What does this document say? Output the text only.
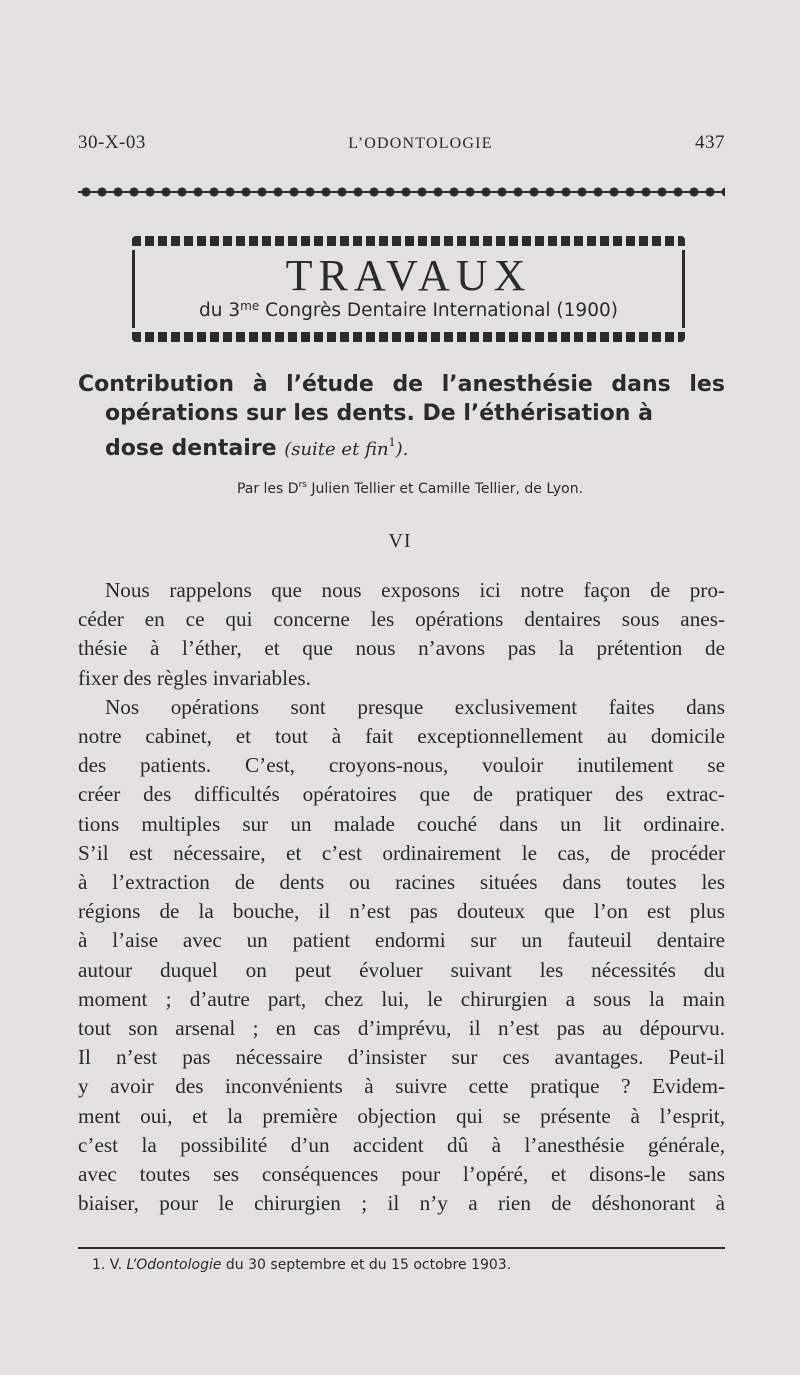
30-X-03	L’ODONTOLOGIE	437
TRAVAUX
du $3^{me}$ Congrès Dentaire International (1900)
Contribution à l’étude de l’anesthésie dans les
opérations sur les dents. De l’éthérisation à
dose dentaire (suite et fin$^1$).
Par les $D^{rs}$ Julien Tellier et Camille Tellier, de Lyon.
VI
Nous rappelons que nous exposons ici notre façon de pro-
céder en ce qui concerne les opérations dentaires sous anes-
thésie à l’éther, et que nous n’avons pas la prétention de
fixer des règles invariables.
Nos opérations sont presque exclusivement faites dans
notre cabinet, et tout à fait exceptionnellement au domicile
des patients. C’est, croyons-nous, vouloir inutilement se
créer des difficultés opératoires que de pratiquer des extrac-
tions multiples sur un malade couché dans un lit ordinaire.
S’il est nécessaire, et c’est ordinairement le cas, de procéder
à l’extraction de dents ou racines situées dans toutes les
régions de la bouche, il n’est pas douteux que l’on est plus
à l’aise avec un patient endormi sur un fauteuil dentaire
autour duquel on peut évoluer suivant les nécessités du
moment ; d’autre part, chez lui, le chirurgien a sous la main
tout son arsenal ; en cas d’imprévu, il n’est pas au dépourvu.
Il n’est pas nécessaire d’insister sur ces avantages. Peut-il
y avoir des inconvénients à suivre cette pratique ? Evidem-
ment oui, et la première objection qui se présente à l’esprit,
c’est la possibilité d’un accident dû à l’anesthésie générale,
avec toutes ses conséquences pour l’opéré, et disons-le sans
biaiser, pour le chirurgien ; il n’y a rien de déshonorant à
1. V. L’Odontologie du 30 septembre et du 15 octobre 1903.
